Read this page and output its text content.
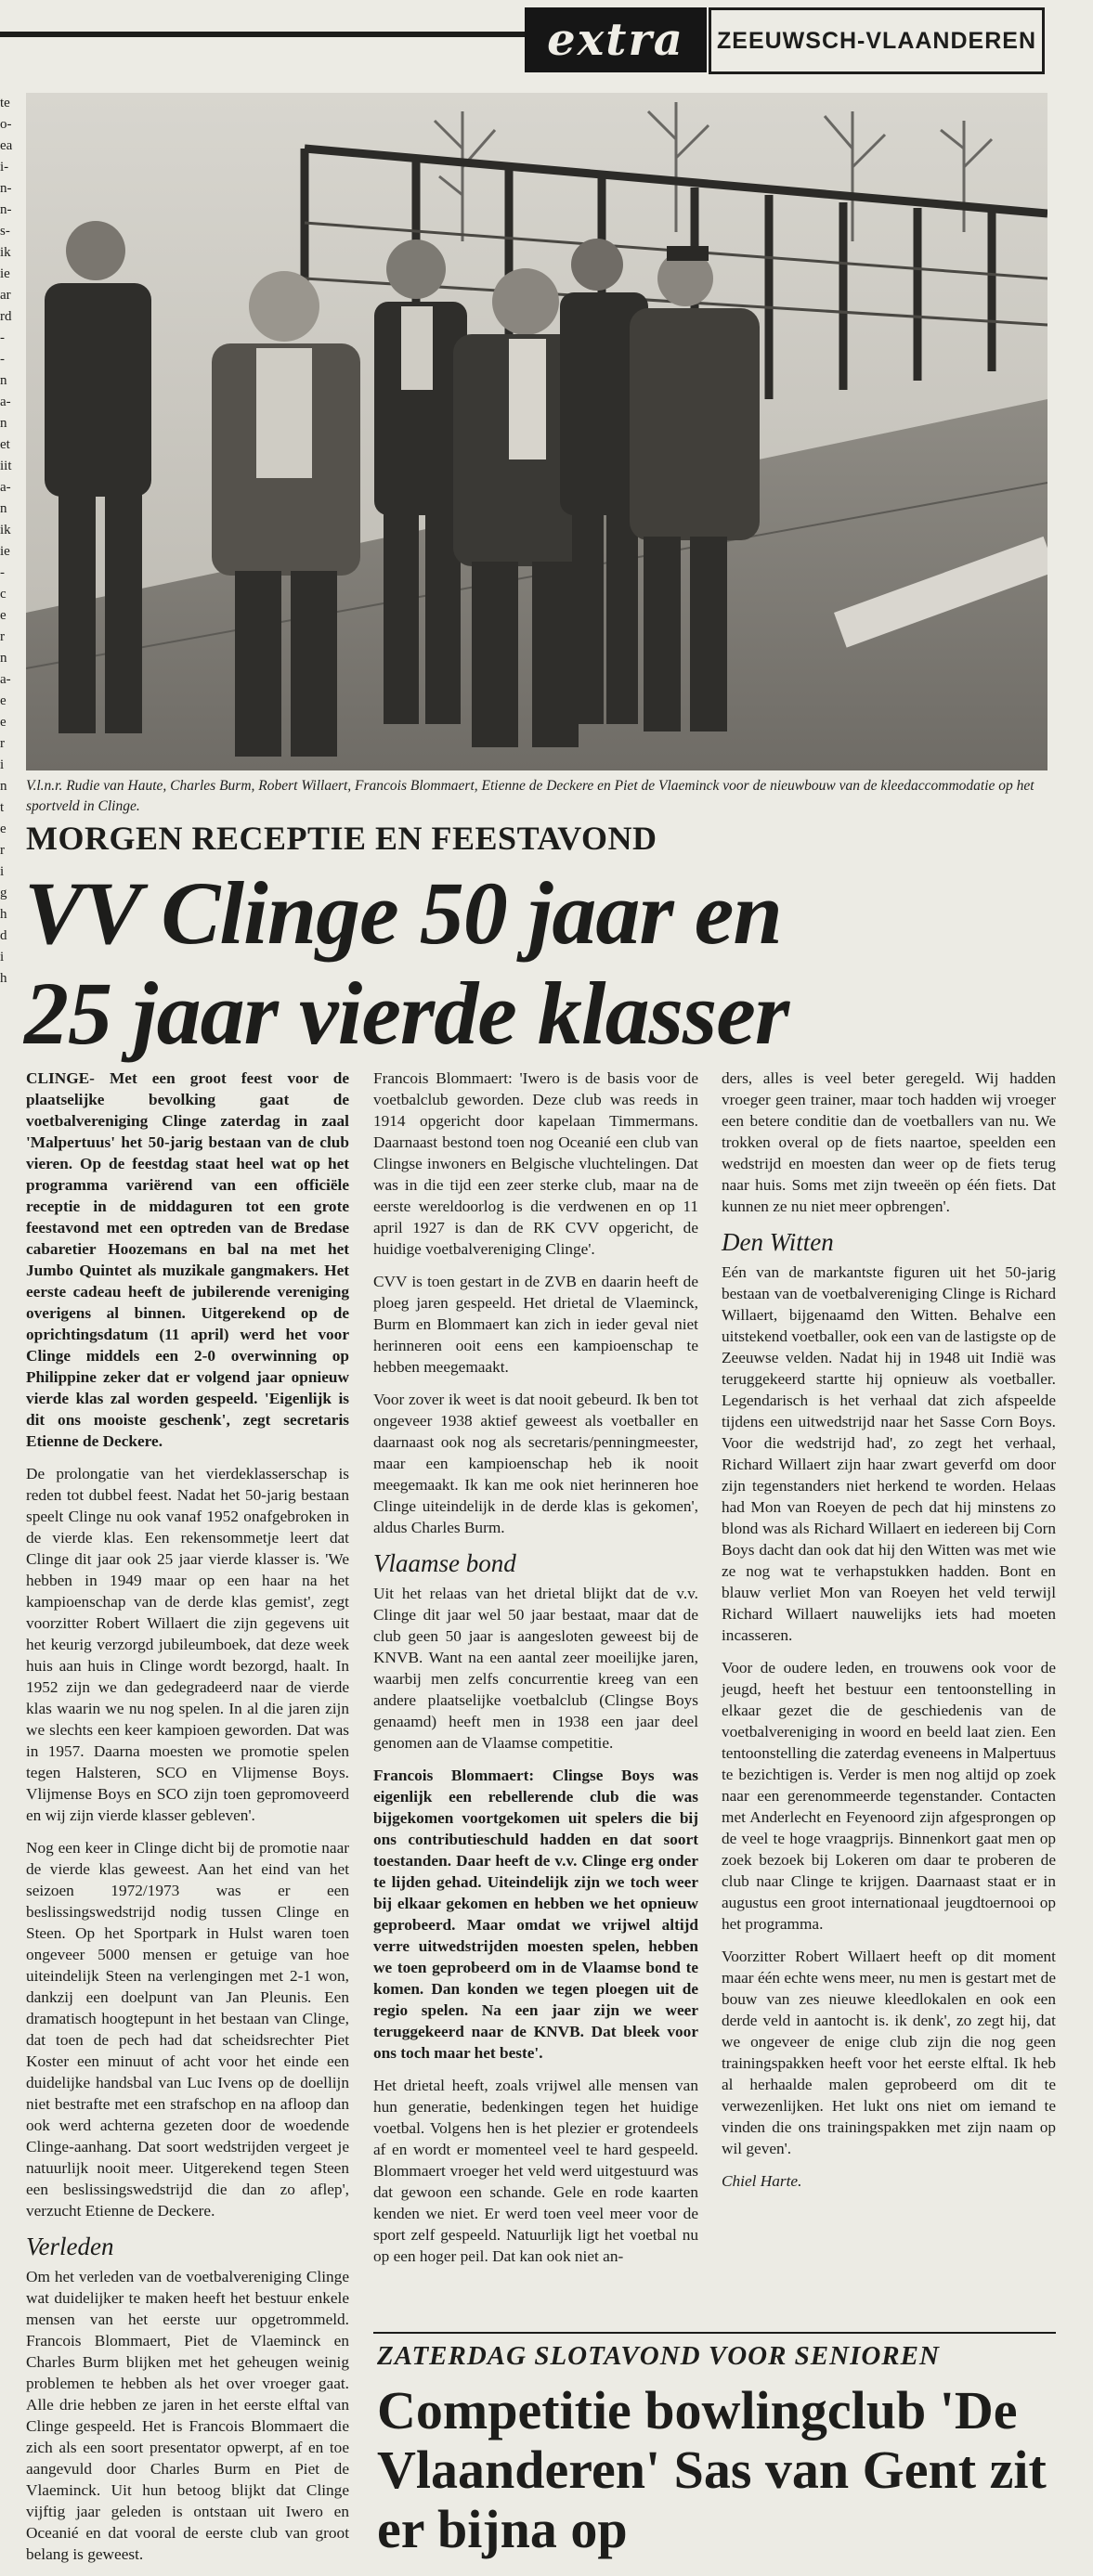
extra	ZEEUWSCH-VLAANDEREN
te
o-
ea
i-
n-
n-
s-
ik
ie
ar
rd
-
-
n
a-
n
et
iit
a-
n
ik
ie
-
c
e
r
n
a-
e
e
r
i
n
t
e
r
i
g
h
d
i
h
V.l.n.r. Rudie van Haute, Charles Burm, Robert Willaert, Francois Blommaert, Etienne de Deckere en Piet de Vlaeminck voor de nieuwbouw van de kleedaccommodatie op het sportveld in Clinge.
MORGEN RECEPTIE EN FEESTAVOND
VV Clinge 50 jaar en
25 jaar vierde klasser

CLINGE- Met een groot feest voor de plaatselijke bevolking gaat de voetbalvereniging Clinge zaterdag in zaal 'Malpertuus' het 50-jarig bestaan van de club vieren. Op de feestdag staat heel wat op het programma variërend van een officiële receptie in de middaguren tot een grote feestavond met een optreden van de Bredase cabaretier Hoozemans en bal na met het Jumbo Quintet als muzikale gangmakers. Het eerste cadeau heeft de jubilerende vereniging overigens al binnen. Uitgerekend op de oprichtingsdatum (11 april) werd het voor Clinge middels een 2-0 overwinning op Philippine zeker dat er volgend jaar opnieuw vierde klas zal worden gespeeld. 'Eigenlijk is dit ons mooiste geschenk', zegt secretaris Etienne de Deckere.

De prolongatie van het vierdeklasserschap is reden tot dubbel feest. Nadat het 50-jarig bestaan speelt Clinge nu ook vanaf 1952 onafgebroken in de vierde klas. Een rekensommetje leert dat Clinge dit jaar ook 25 jaar vierde klasser is. 'We hebben in 1949 maar op een haar na het kampioenschap van de derde klas gemist', zegt voorzitter Robert Willaert die zijn gegevens uit het keurig verzorgd jubileumboek, dat deze week huis aan huis in Clinge wordt bezorgd, haalt. In 1952 zijn we dan gedegradeerd naar de vierde klas waarin we nu nog spelen. In al die jaren zijn we slechts een keer kampioen geworden. Dat was in 1957. Daarna moesten we promotie spelen tegen Halsteren, SCO en Vlijmense Boys. Vlijmense Boys en SCO zijn toen gepromoveerd en wij zijn vierde klasser gebleven'.

Nog een keer in Clinge dicht bij de promotie naar de vierde klas geweest. Aan het eind van het seizoen 1972/1973 was er een beslissingswedstrijd nodig tussen Clinge en Steen. Op het Sportpark in Hulst waren toen ongeveer 5000 mensen er getuige van hoe uiteindelijk Steen na verlengingen met 2-1 won, dankzij een doelpunt van Jan Pleunis. Een dramatisch hoogtepunt in het bestaan van Clinge, dat toen de pech had dat scheidsrechter Piet Koster een minuut of acht voor het einde een duidelijke handsbal van Luc Ivens op de doellijn niet bestrafte met een strafschop en na afloop dan ook werd achterna gezeten door de woedende Clinge-aanhang. Dat soort wedstrijden vergeet je natuurlijk nooit meer. Uitgerekend tegen Steen een beslissingswedstrijd die dan zo aflep', verzucht Etienne de Deckere.

Verleden

Om het verleden van de voetbalvereniging Clinge wat duidelijker te maken heeft het bestuur enkele mensen van het eerste uur opgetrommeld. Francois Blommaert, Piet de Vlaeminck en Charles Burm blijken met het geheugen weinig problemen te hebben als het over vroeger gaat. Alle drie hebben ze jaren in het eerste elftal van Clinge gespeeld. Het is Francois Blommaert die zich als een soort presentator opwerpt, af en toe aangevuld door Charles Burm en Piet de Vlaeminck. Uit hun betoog blijkt dat Clinge vijftig jaar geleden is ontstaan uit Iwero en Oceanié en dat vooral de eerste club van groot belang is geweest.

Francois Blommaert: 'Iwero is de basis voor de voetbalclub geworden. Deze club was reeds in 1914 opgericht door kapelaan Timmermans. Daarnaast bestond toen nog Oceanié een club van Clingse inwoners en Belgische vluchtelingen. Dat was in die tijd een zeer sterke club, maar na de eerste wereldoorlog is die verdwenen en op 11 april 1927 is dan de RK CVV opgericht, de huidige voetbalvereniging Clinge'.

CVV is toen gestart in de ZVB en daarin heeft de ploeg jaren gespeeld. Het drietal de Vlaeminck, Burm en Blommaert kan zich in ieder geval niet herinneren ooit eens een kampioenschap te hebben meegemaakt.

Voor zover ik weet is dat nooit gebeurd. Ik ben tot ongeveer 1938 aktief geweest als voetballer en daarnaast ook nog als secretaris/penningmeester, maar een kampioenschap heb ik nooit meegemaakt. Ik kan me ook niet herinneren hoe Clinge uiteindelijk in de derde klas is gekomen', aldus Charles Burm.

Vlaamse bond

Uit het relaas van het drietal blijkt dat de v.v. Clinge dit jaar wel 50 jaar bestaat, maar dat de club geen 50 jaar is aangesloten geweest bij de KNVB. Want na een aantal zeer moeilijke jaren, waarbij men zelfs concurrentie kreeg van een andere plaatselijke voetbalclub (Clingse Boys genaamd) heeft men in 1938 een jaar deel genomen aan de Vlaamse competitie.

Francois Blommaert: Clingse Boys was eigenlijk een rebellerende club die was bijgekomen voortgekomen uit spelers die bij ons contributieschuld hadden en dat soort toestanden. Daar heeft de v.v. Clinge erg onder te lijden gehad. Uiteindelijk zijn we toch weer bij elkaar gekomen en hebben we het opnieuw geprobeerd. Maar omdat we vrijwel altijd verre uitwedstrijden moesten spelen, hebben we toen geprobeerd om in de Vlaamse bond te komen. Dan konden we tegen ploegen uit de regio spelen. Na een jaar zijn we weer teruggekeerd naar de KNVB. Dat bleek voor ons toch maar het beste'.

Het drietal heeft, zoals vrijwel alle mensen van hun generatie, bedenkingen tegen het huidige voetbal. Volgens hen is het plezier er grotendeels af en wordt er momenteel veel te hard gespeeld. Blommaert vroeger het veld werd uitgestuurd was dat gewoon een schande. Gele en rode kaarten kenden we niet. Er werd toen veel meer voor de sport zelf gespeeld. Natuurlijk ligt het voetbal nu op een hoger peil. Dat kan ook niet an-

ders, alles is veel beter geregeld. Wij hadden vroeger geen trainer, maar toch hadden wij vroeger een betere conditie dan de voetballers van nu. We trokken overal op de fiets naartoe, speelden een wedstrijd en moesten dan weer op de fiets terug naar huis. Soms met zijn tweeën op één fiets. Dat kunnen ze nu niet meer opbrengen'.

Den Witten

Eén van de markantste figuren uit het 50-jarig bestaan van de voetbalvereniging Clinge is Richard Willaert, bijgenaamd den Witten. Behalve een uitstekend voetballer, ook een van de lastigste op de Zeeuwse velden. Nadat hij in 1948 uit Indië was teruggekeerd startte hij opnieuw als voetballer. Legendarisch is het verhaal dat zich afspeelde tijdens een uitwedstrijd naar het Sasse Corn Boys. Voor die wedstrijd had', zo zegt het verhaal, Richard Willaert zijn haar zwart geverfd om door zijn tegenstanders niet herkend te worden. Helaas had Mon van Roeyen de pech dat hij minstens zo blond was als Richard Willaert en iedereen bij Corn Boys dacht dan ook dat hij den Witten was met wie ze nog wat te verhapstukken hadden. Bont en blauw verliet Mon van Roeyen het veld terwijl Richard Willaert nauwelijks iets had moeten incasseren.

Voor de oudere leden, en trouwens ook voor de jeugd, heeft het bestuur een tentoonstelling in elkaar gezet die de geschiedenis van de voetbalvereniging in woord en beeld laat zien. Een tentoonstelling die zaterdag eveneens in Malpertuus te bezichtigen is. Verder is men nog altijd op zoek naar een gerenommeerde tegenstander. Contacten met Anderlecht en Feyenoord zijn afgesprongen op de veel te hoge vraagprijs. Binnenkort gaat men op zoek bezoek bij Lokeren om daar te proberen de club naar Clinge te krijgen. Daarnaast staat er in augustus een groot internationaal jeugdtoernooi op het programma.

Voorzitter Robert Willaert heeft op dit moment maar één echte wens meer, nu men is gestart met de bouw van zes nieuwe kleedlokalen en ook een derde veld in aantocht is. ik denk', zo zegt hij, dat we ongeveer de enige club zijn die nog geen trainingspakken heeft voor het eerste elftal. Ik heb al herhaalde malen geprobeerd om dit te verwezenlijken. Het lukt ons niet om iemand te vinden die ons trainingspakken met zijn naam op wil geven'.

Chiel Harte.

ZATERDAG SLOTAVOND VOOR SENIOREN
Competitie bowlingclub 'De Vlaanderen' Sas van Gent zit er bijna op
